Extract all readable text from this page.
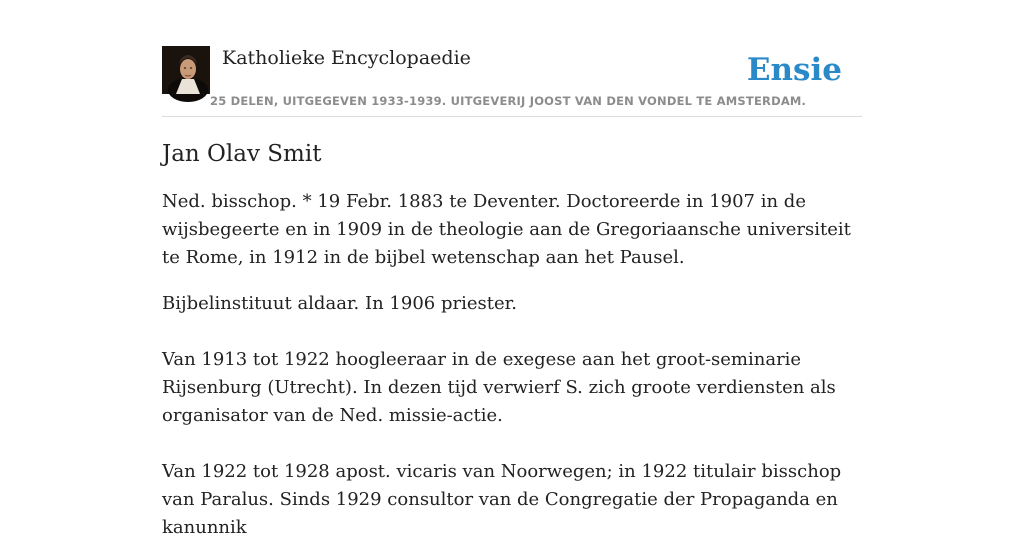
Katholieke Encyclopaedie	Ensie
25 DELEN, UITGEGEVEN 1933-1939. UITGEVERIJ JOOST VAN DEN VONDEL TE AMSTERDAM.
Jan Olav Smit

Ned. bisschop. * 19 Febr. 1883 te Deventer. Doctoreerde in 1907 in de wijsbegeerte en in 1909 in de theologie aan de Gregoriaansche universiteit te Rome, in 1912 in de bijbel wetenschap aan het Pausel.

Bijbelinstituut aldaar. In 1906 priester.

Van 1913 tot 1922 hoogleeraar in de exegese aan het groot-seminarie Rijsenburg (Utrecht). In dezen tijd verwierf S. zich groote verdiensten als organisator van de Ned. missie-actie.

Van 1922 tot 1928 apost. vicaris van Noorwegen; in 1922 titulair bisschop van Paralus. Sinds 1929 consultor van de Congregatie der Propaganda en kanunnik
